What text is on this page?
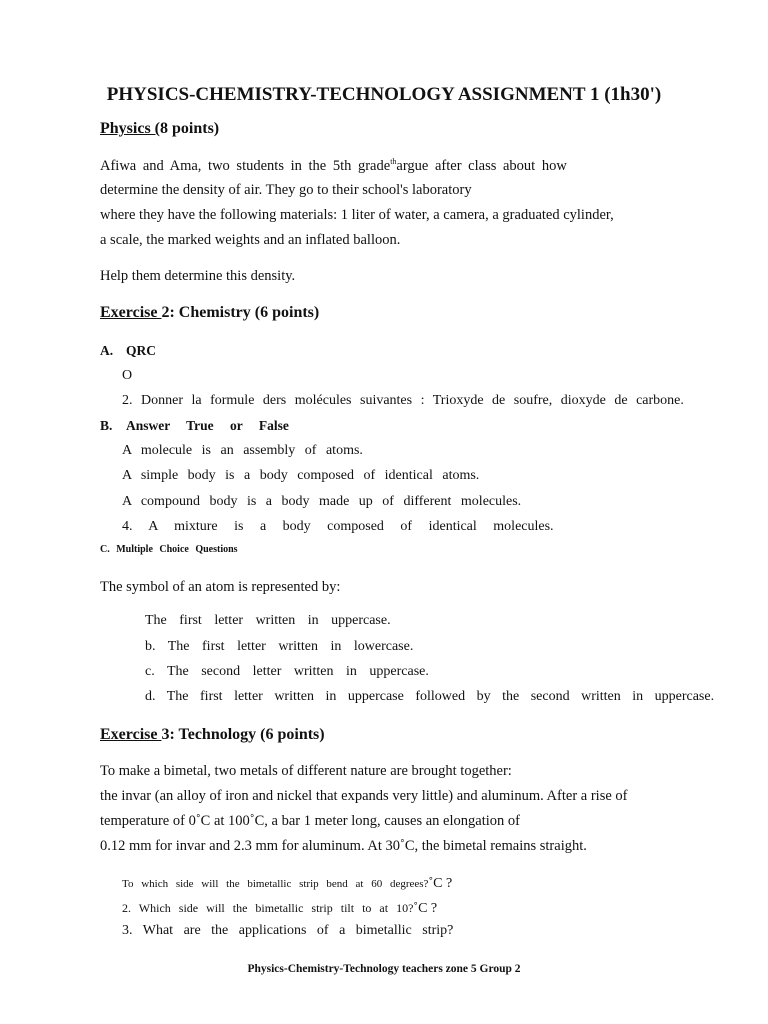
PHYSICS-CHEMISTRY-TECHNOLOGY ASSIGNMENT 1 (1h30')
Physics (8 points)
Afiwa and Ama, two students in the 5th grade$^{th}$argue after class about how
determine the density of air. They go to their school's laboratory
where they have the following materials: 1 liter of water, a camera, a graduated cylinder,
a scale, the marked weights and an inflated balloon.
Help them determine this density.
Exercise 2: Chemistry (6 points)
A. QRC
O
2. Donner la formule ders molécules suivantes : Trioxyde de soufre, dioxyde de carbone.
B. Answer True or False
A molecule is an assembly of atoms.
A simple body is a body composed of identical atoms.
A compound body is a body made up of different molecules.
4. A mixture is a body composed of identical molecules.
C. Multiple Choice Questions
The symbol of an atom is represented by:
The first letter written in uppercase.
b. The first letter written in lowercase.
c. The second letter written in uppercase.
d. The first letter written in uppercase followed by the second written in uppercase.
Exercise 3: Technology (6 points)
To make a bimetal, two metals of different nature are brought together:
the invar (an alloy of iron and nickel that expands very little) and aluminum. After a rise of
temperature of 0˚C at 100˚C, a bar 1 meter long, causes an elongation of
0.12 mm for invar and 2.3 mm for aluminum. At 30˚C, the bimetal remains straight.
To which side will the bimetallic strip bend at 60 degrees?˚C ?
2. Which side will the bimetallic strip tilt to at 10?˚C ?
3. What are the applications of a bimetallic strip?
Physics-Chemistry-Technology teachers zone 5 Group 2
